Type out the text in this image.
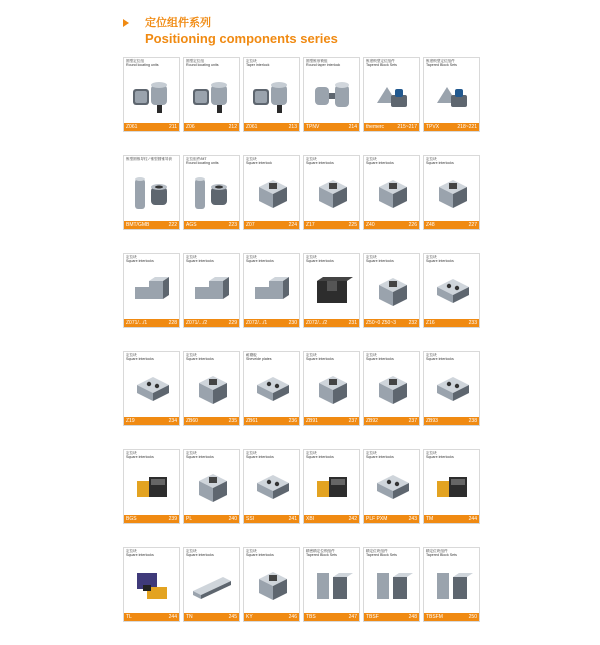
定位组件系列
Positioning components series
圆型定位组
Round locating units
Z061	211
圆型定位组
Round locating units
Z06	212
定位块
Taper interlock
Z061	213
圆型锥形锁组
Round taper interlock
TPNV	214
锥度锁型定位组件
Tapered Block Sets
themerc	215~217
锥度锁型定位组件
Tapered Block Sets
TPVX	218~221
锥型圆锥导柱 / 锥型圆锥导套
BMT/GMB	222
定位组件/MT
Round locating units
AGS	223
定位块
Square interlock
Z07	224
定位块
Square interlocks
Z17	225
定位块
Square interlocks
Z40	226
定位块
Square interlocks
Z48	227
定位块
Square interlocks
Z071/.../1	228
定位块
Square interlocks
Z071/.../2	229
定位块
Square interlocks
Z072/.../1	230
定位块
Square interlocks
Z072/.../2	231
定位块
Square interlocks
Z50~0 Z50~3	232
定位块
Square interlocks
Z16	233
定位块
Square interlocks
Z19	234
定位块
Square interlocks
ZB60	235
耐磨板
Sheveide plates
ZB61	236
定位块
Square interlocks
ZB91	237
定位块
Square interlocks
ZB92	237
定位块
Square interlocks
ZB93	238
定位块
Square interlocks
BGS	239
定位块
Square interlocks
PL	240
定位块
Square interlocks
SSI	241
定位块
Square interlocks
XBI	242
定位块
Square interlocks
PLF PXM	243
定位块
Square interlocks
TM	244
定位块
Square interlocks
TL	244
定位块
Square interlocks
TN	245
定位块
Square interlocks
KY	246
精密精定位锁组件
Tapered Block Sets
TBS	247
精定位块组件
Tapered Block Sets
TBSF	248
精定位块组件
Tapered Block Sets
TBSFM	250
